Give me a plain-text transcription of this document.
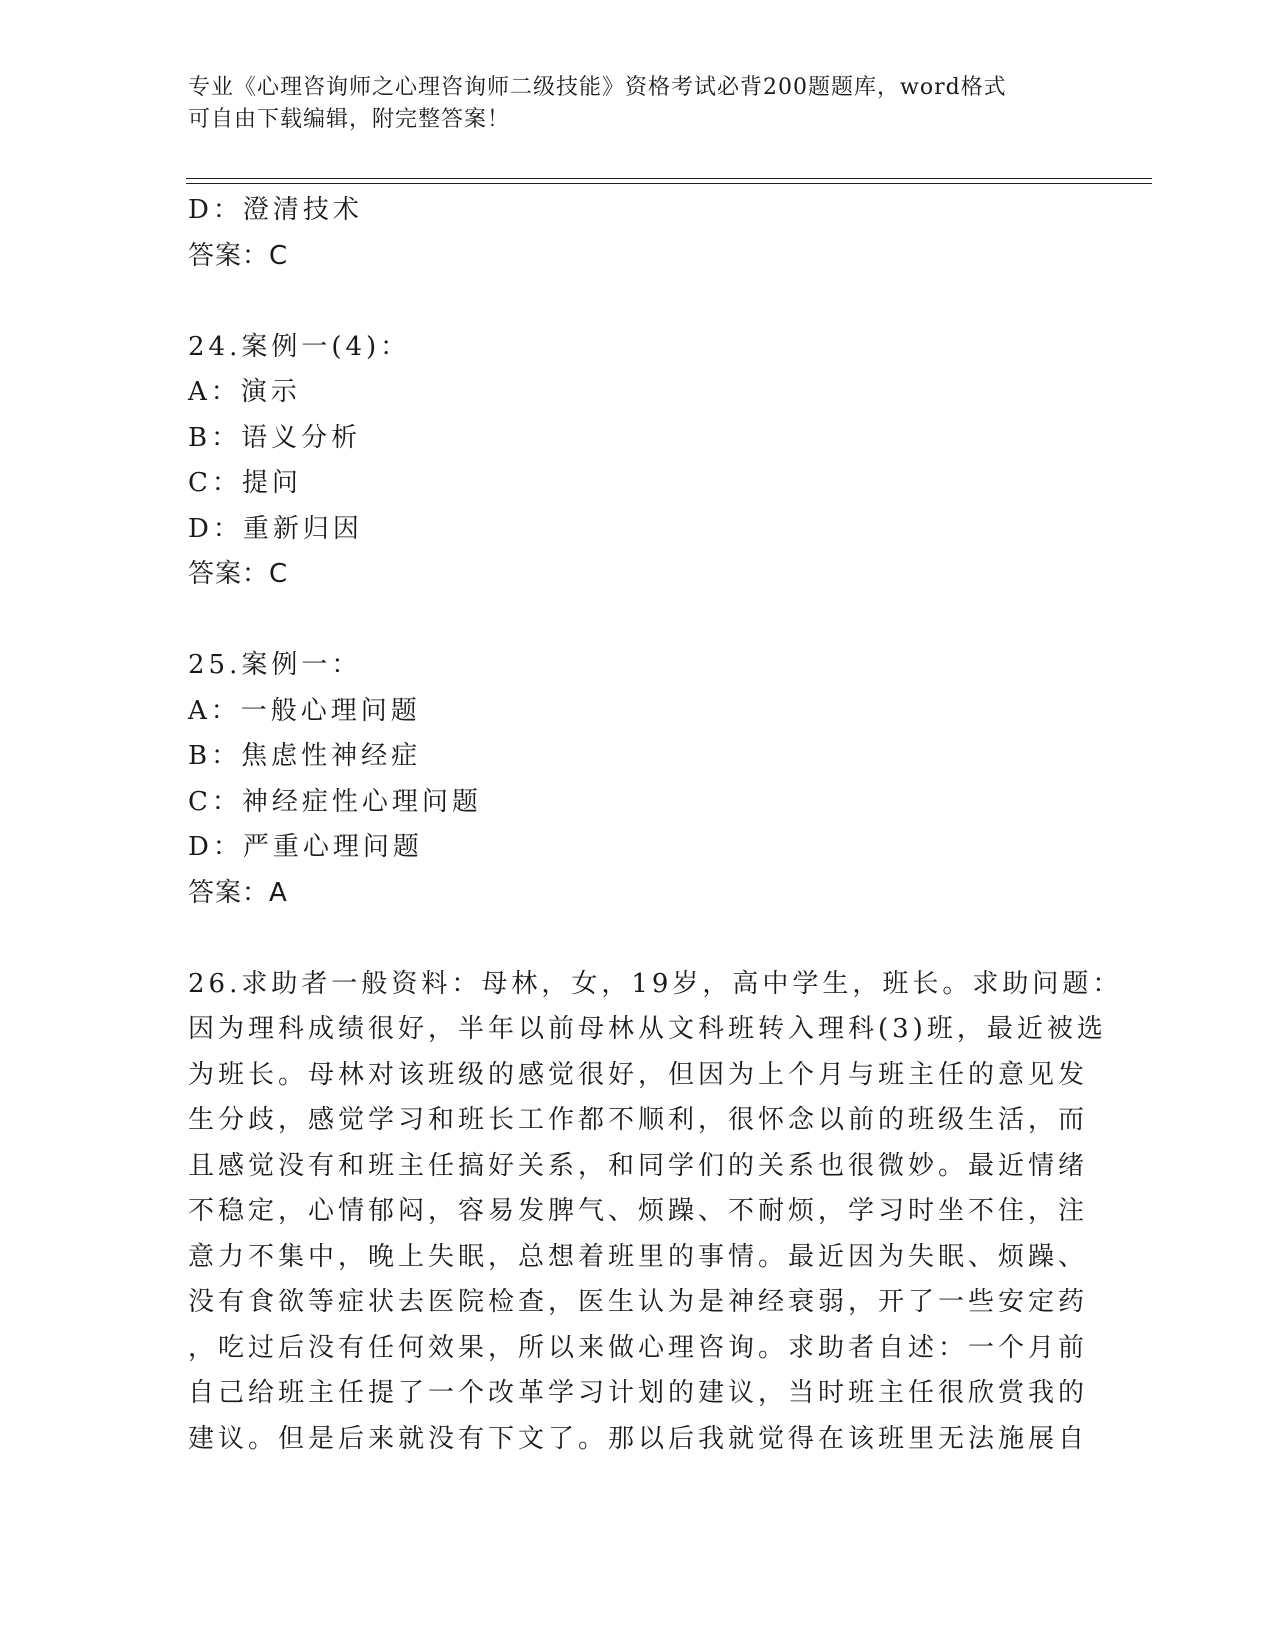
专业《心理咨询师之心理咨询师二级技能》资格考试必背200题题库，word格式
可自由下载编辑，附完整答案！
D：澄清技术
答案：C
24.案例一(4)：
A：演示
B：语义分析
C：提问
D：重新归因
答案：C
25.案例一：
A：一般心理问题
B：焦虑性神经症
C：神经症性心理问题
D：严重心理问题
答案：A
26.求助者一般资料：母林，女，19岁，高中学生，班长。求助问题：
因为理科成绩很好，半年以前母林从文科班转入理科(3)班，最近被选
为班长。母林对该班级的感觉很好，但因为上个月与班主任的意见发
生分歧，感觉学习和班长工作都不顺利，很怀念以前的班级生活，而
且感觉没有和班主任搞好关系，和同学们的关系也很微妙。最近情绪
不稳定，心情郁闷，容易发脾气、烦躁、不耐烦，学习时坐不住，注
意力不集中，晚上失眠，总想着班里的事情。最近因为失眠、烦躁、
没有食欲等症状去医院检查，医生认为是神经衰弱，开了一些安定药
，吃过后没有任何效果，所以来做心理咨询。求助者自述：一个月前
自己给班主任提了一个改革学习计划的建议，当时班主任很欣赏我的
建议。但是后来就没有下文了。那以后我就觉得在该班里无法施展自
